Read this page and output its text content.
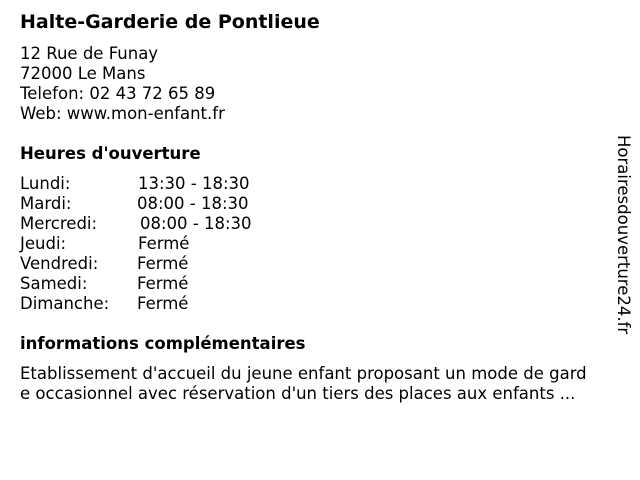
Halte-Garderie de Pontlieue
12 Rue de Funay
72000 Le Mans
Telefon: 02 43 72 65 89
Web: www.mon-enfant.fr
Heures d'ouverture
Lundi:	13:30 - 18:30
Mardi:	08:00 - 18:30
Mercredi:	08:00 - 18:30
Jeudi:	Fermé
Vendredi: Fermé
Samedi:	Fermé
Dimanche: Fermé
informations complémentaires
Etablissement d'accueil du jeune enfant proposant un mode de gard
e occasionnel avec réservation d'un tiers des places aux enfants ...
Horairesdouverture24.fr
